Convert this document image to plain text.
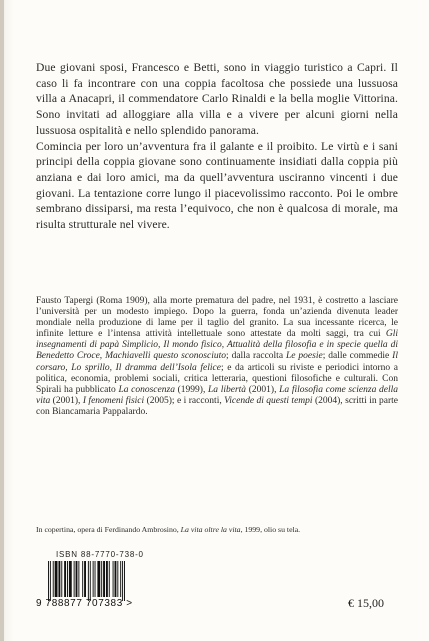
Due giovani sposi, Francesco e Betti, sono in viaggio turistico a Capri. Il caso li fa incontrare con una coppia facoltosa che possiede una lussuosa villa a Anacapri, il commendatore Carlo Rinaldi e la bella moglie Vittorina. Sono invitati ad alloggiare alla villa e a vivere per alcuni giorni nella lussuosa ospitalità e nello splendido panorama.

Comincia per loro un’avventura fra il galante e il proibito. Le virtù e i sani principi della coppia giovane sono continuamente insidiati dalla coppia più anziana e dai loro amici, ma da quell’avventura usciranno vincenti i due giovani. La tentazione corre lungo il piacevolissimo racconto. Poi le ombre sembrano dissiparsi, ma resta l’equivoco, che non è qualcosa di morale, ma risulta strutturale nel vivere.

Fausto Tapergi (Roma 1909), alla morte prematura del padre, nel 1931, è costretto a lasciare l’università per un modesto impiego. Dopo la guerra, fonda un’azienda divenuta leader mondiale nella produzione di lame per il taglio del granito. La sua incessante ricerca, le infinite letture e l’intensa attività intellettuale sono attestate da molti saggi, tra cui Gli insegnamenti di papà Simplicio, Il mondo fisico, Attualità della filosofia e in specie quella di Benedetto Croce, Machiavelli questo sconosciuto; dalla raccolta Le poesie; dalle commedie Il corsaro, Lo sprillo, Il dramma dell’Isola felice; e da articoli su riviste e periodici intorno a politica, economia, problemi sociali, critica letteraria, questioni filosofiche e culturali. Con Spirali ha pubblicato La conoscenza (1999), La libertà (2001), La filosofia come scienza della vita (2001), I fenomeni fisici (2005); e i racconti, Vicende di questi tempi (2004), scritti in parte con Biancamaria Pappalardo.

In copertina, opera di Ferdinando Ambrosino, La vita oltre la vita, 1999, olio su tela.
ISBN 88-7770-738-0
9 788877 707383 >	€ 15,00
